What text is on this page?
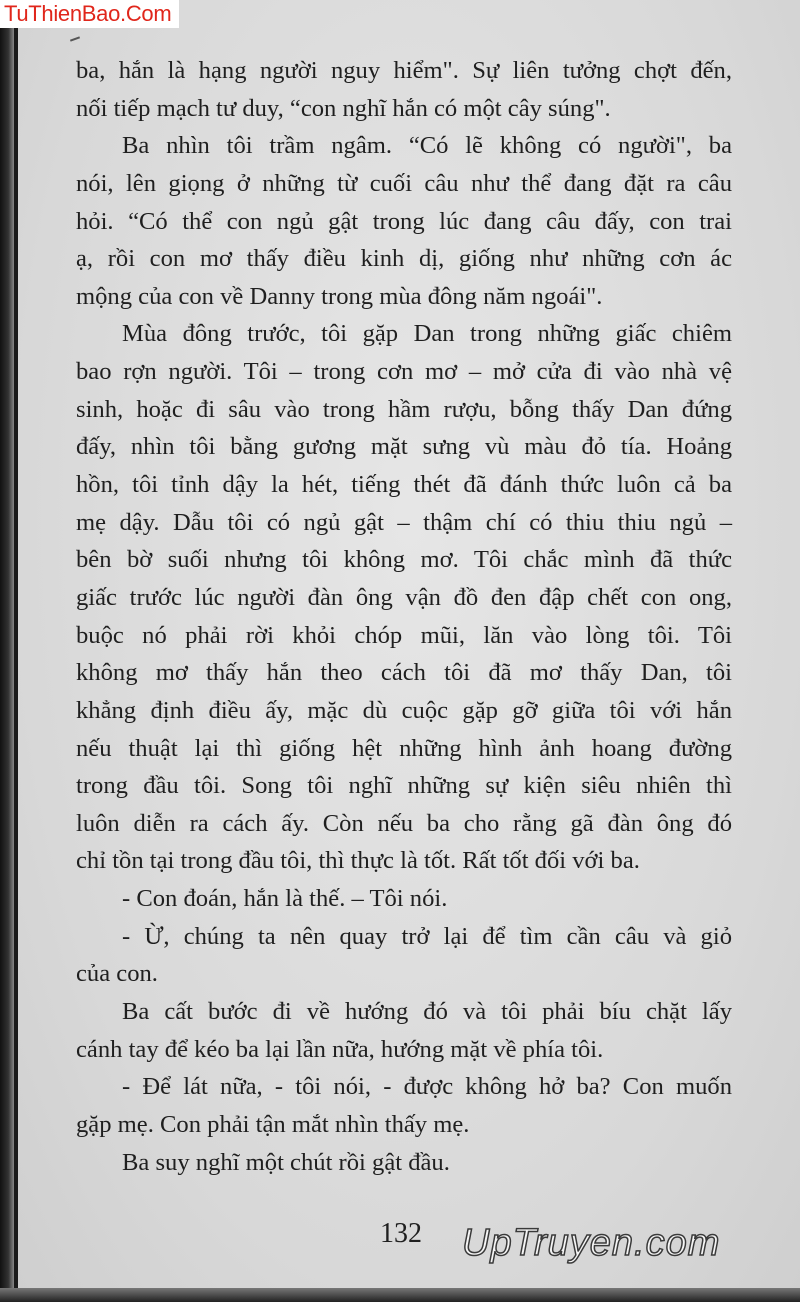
TuThienBao.Com
ba, hắn là hạng người nguy hiểm". Sự liên tưởng chợt đến,
nối tiếp mạch tư duy, “con nghĩ hắn có một cây súng".
Ba nhìn tôi trầm ngâm. “Có lẽ không có người", ba
nói, lên giọng ở những từ cuối câu như thể đang đặt ra câu
hỏi. “Có thể con ngủ gật trong lúc đang câu đấy, con trai
ạ, rồi con mơ thấy điều kinh dị, giống như những cơn ác
mộng của con về Danny trong mùa đông năm ngoái".
Mùa đông trước, tôi gặp Dan trong những giấc chiêm
bao rợn người. Tôi – trong cơn mơ – mở cửa đi vào nhà vệ
sinh, hoặc đi sâu vào trong hầm rượu, bỗng thấy Dan đứng
đấy, nhìn tôi bằng gương mặt sưng vù màu đỏ tía. Hoảng
hồn, tôi tỉnh dậy la hét, tiếng thét đã đánh thức luôn cả ba
mẹ dậy. Dẫu tôi có ngủ gật – thậm chí có thiu thiu ngủ –
bên bờ suối nhưng tôi không mơ. Tôi chắc mình đã thức
giấc trước lúc người đàn ông vận đồ đen đập chết con ong,
buộc nó phải rời khỏi chóp mũi, lăn vào lòng tôi. Tôi
không mơ thấy hắn theo cách tôi đã mơ thấy Dan, tôi
khẳng định điều ấy, mặc dù cuộc gặp gỡ giữa tôi với hắn
nếu thuật lại thì giống hệt những hình ảnh hoang đường
trong đầu tôi. Song tôi nghĩ những sự kiện siêu nhiên thì
luôn diễn ra cách ấy. Còn nếu ba cho rằng gã đàn ông đó
chỉ tồn tại trong đầu tôi, thì thực là tốt. Rất tốt đối với ba.
- Con đoán, hắn là thế. – Tôi nói.
- Ừ, chúng ta nên quay trở lại để tìm cần câu và giỏ
của con.
Ba cất bước đi về hướng đó và tôi phải bíu chặt lấy
cánh tay để kéo ba lại lần nữa, hướng mặt về phía tôi.
- Để lát nữa, - tôi nói, - được không hở ba? Con muốn
gặp mẹ. Con phải tận mắt nhìn thấy mẹ.
Ba suy nghĩ một chút rồi gật đầu.
132 UpTruyen.com
